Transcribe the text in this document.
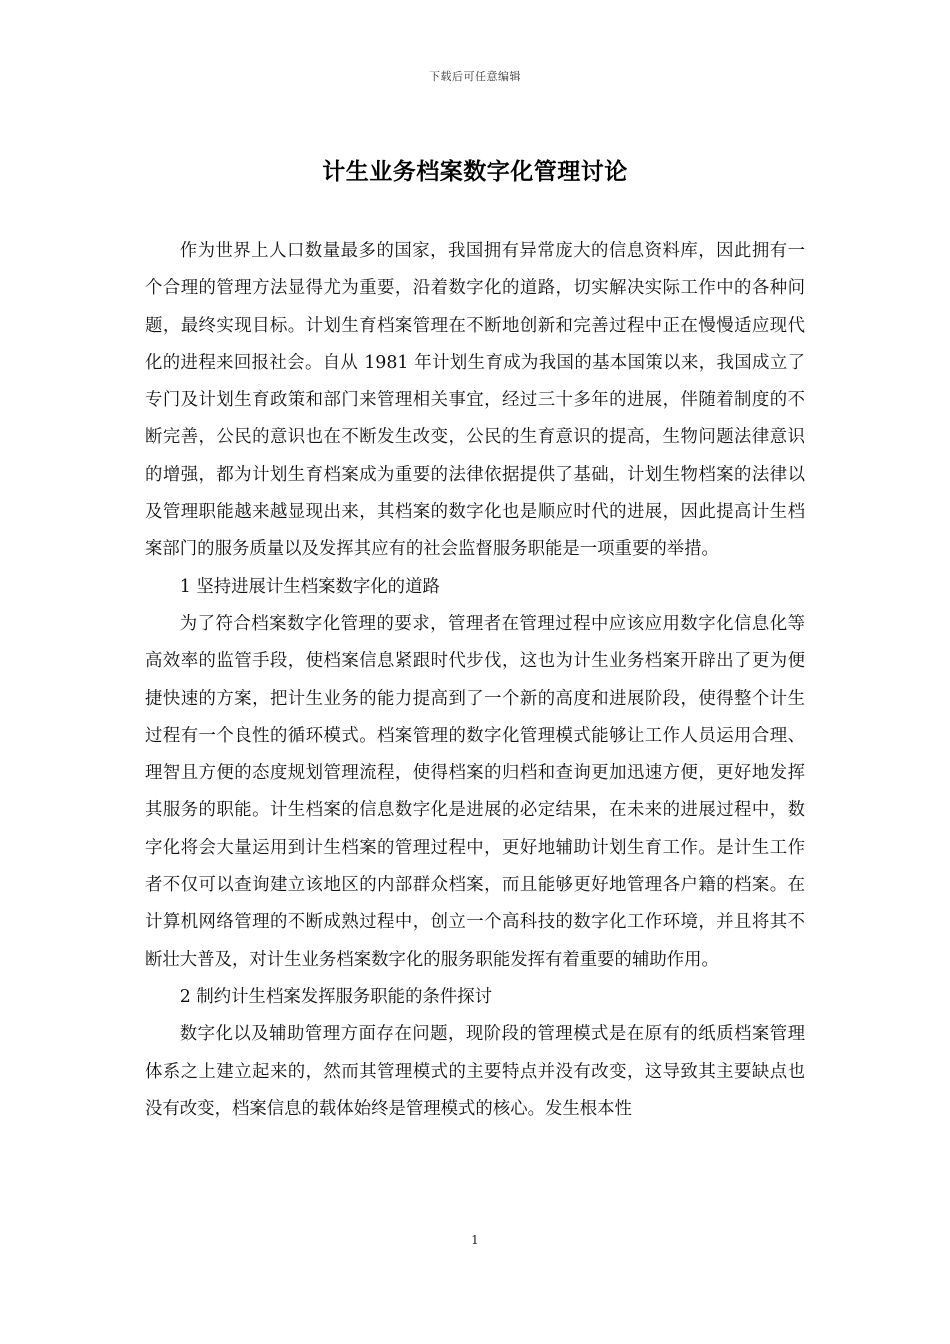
下载后可任意编辑
计生业务档案数字化管理讨论

作为世界上人口数量最多的国家，我国拥有异常庞大的信息资料库，因此拥有一个合理的管理方法显得尤为重要，沿着数字化的道路，切实解决实际工作中的各种问题，最终实现目标。计划生育档案管理在不断地创新和完善过程中正在慢慢适应现代化的进程来回报社会。自从 1981 年计划生育成为我国的基本国策以来，我国成立了专门及计划生育政策和部门来管理相关事宜，经过三十多年的进展，伴随着制度的不断完善，公民的意识也在不断发生改变，公民的生育意识的提高，生物问题法律意识的增强，都为计划生育档案成为重要的法律依据提供了基础，计划生物档案的法律以及管理职能越来越显现出来，其档案的数字化也是顺应时代的进展，因此提高计生档案部门的服务质量以及发挥其应有的社会监督服务职能是一项重要的举措。

1 坚持进展计生档案数字化的道路

为了符合档案数字化管理的要求，管理者在管理过程中应该应用数字化信息化等高效率的监管手段，使档案信息紧跟时代步伐，这也为计生业务档案开辟出了更为便捷快速的方案，把计生业务的能力提高到了一个新的高度和进展阶段，使得整个计生过程有一个良性的循环模式。档案管理的数字化管理模式能够让工作人员运用合理、理智且方便的态度规划管理流程，使得档案的归档和查询更加迅速方便，更好地发挥其服务的职能。计生档案的信息数字化是进展的必定结果，在未来的进展过程中，数字化将会大量运用到计生档案的管理过程中，更好地辅助计划生育工作。是计生工作者不仅可以查询建立该地区的内部群众档案，而且能够更好地管理各户籍的档案。在计算机网络管理的不断成熟过程中，创立一个高科技的数字化工作环境，并且将其不断壮大普及，对计生业务档案数字化的服务职能发挥有着重要的辅助作用。

2 制约计生档案发挥服务职能的条件探讨

数字化以及辅助管理方面存在问题，现阶段的管理模式是在原有的纸质档案管理体系之上建立起来的，然而其管理模式的主要特点并没有改变，这导致其主要缺点也没有改变，档案信息的载体始终是管理模式的核心。发生根本性

1
